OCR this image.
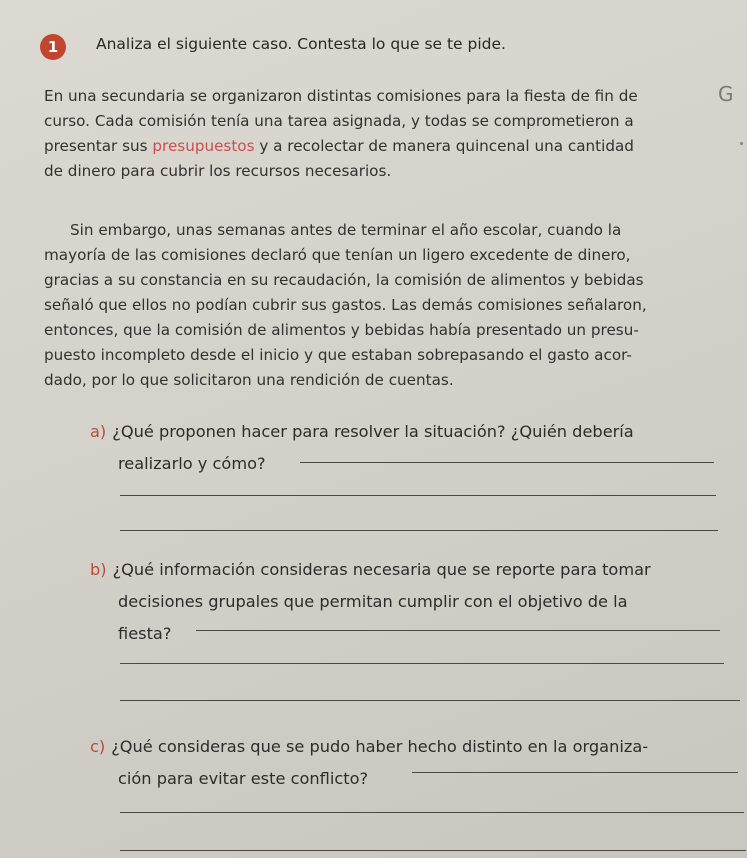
1	Analiza el siguiente caso. Contesta lo que se te pide.
G
En una secundaria se organizaron distintas comisiones para la fiesta de fin de
curso. Cada comisión tenía una tarea asignada, y todas se comprometieron a
presentar sus presupuestos y a recolectar de manera quincenal una cantidad
de dinero para cubrir los recursos necesarios.
Sin embargo, unas semanas antes de terminar el año escolar, cuando la
mayoría de las comisiones declaró que tenían un ligero excedente de dinero,
gracias a su constancia en su recaudación, la comisión de alimentos y bebidas
señaló que ellos no podían cubrir sus gastos. Las demás comisiones señalaron,
entonces, que la comisión de alimentos y bebidas había presentado un presu-
puesto incompleto desde el inicio y que estaban sobrepasando el gasto acor-
dado, por lo que solicitaron una rendición de cuentas.
a) ¿Qué proponen hacer para resolver la situación? ¿Quién debería
realizarlo y cómo?
b) ¿Qué información consideras necesaria que se reporte para tomar
decisiones grupales que permitan cumplir con el objetivo de la
fiesta?
c) ¿Qué consideras que se pudo haber hecho distinto en la organiza-
ción para evitar este conflicto?
